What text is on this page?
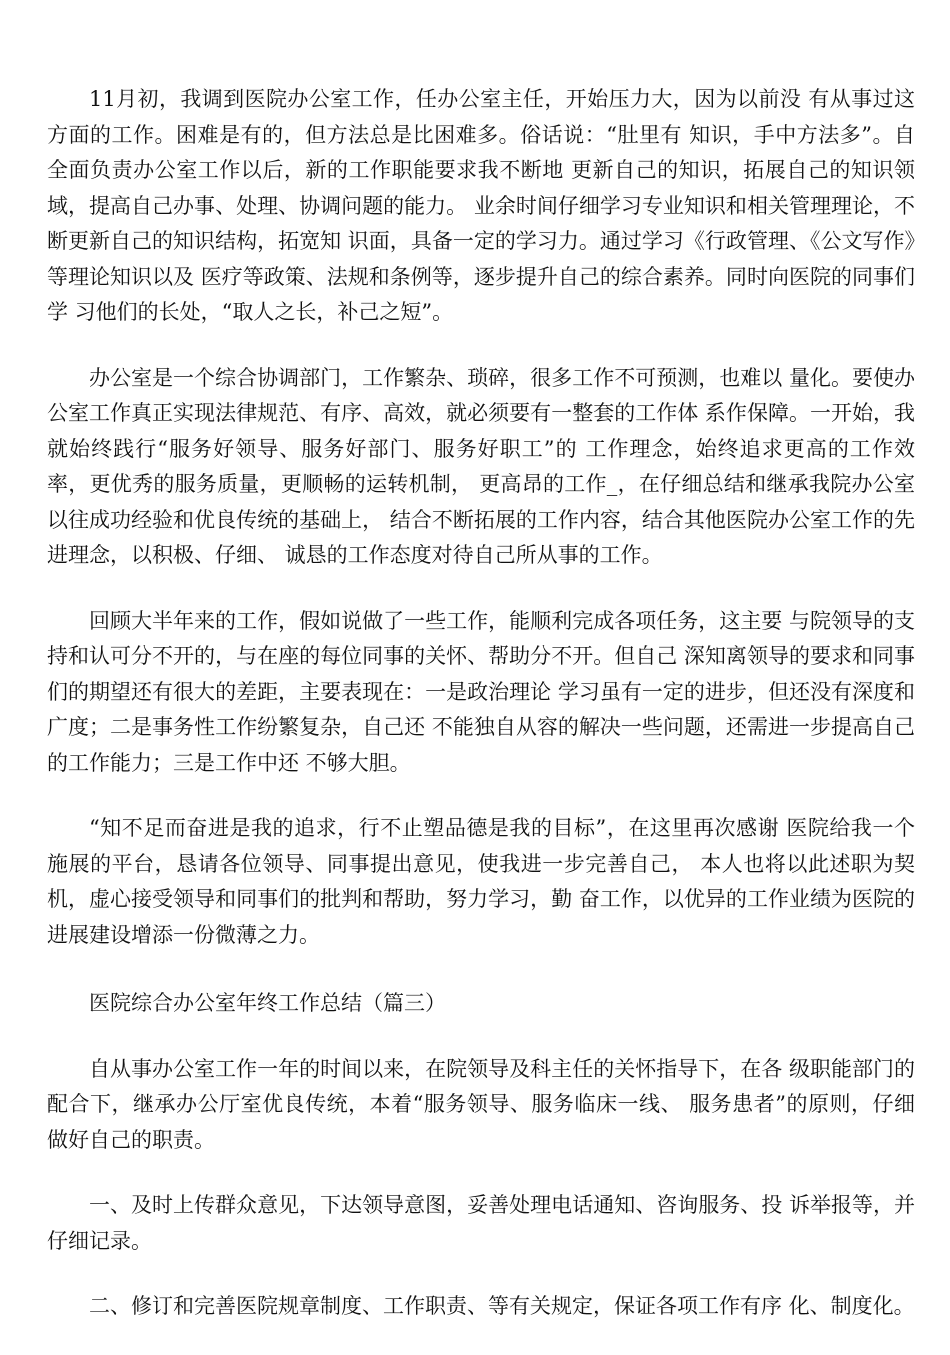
11月初，我调到医院办公室工作，任办公室主任，开始压力大，因为以前没 有从事过这方面的工作。困难是有的，但方法总是比困难多。俗话说：“肚里有 知识，手中方法多”。自全面负责办公室工作以后，新的工作职能要求我不断地 更新自己的知识，拓展自己的知识领域，提高自己办事、处理、协调问题的能力。 业余时间仔细学习专业知识和相关管理理论，不断更新自己的知识结构，拓宽知 识面，具备一定的学习力。通过学习《行政管理、《公文写作》等理论知识以及 医疗等政策、法规和条例等，逐步提升自己的综合素养。同时向医院的同事们学 习他们的长处，“取人之长，补己之短”。

办公室是一个综合协调部门，工作繁杂、琐碎，很多工作不可预测，也难以 量化。要使办公室工作真正实现法律规范、有序、高效，就必须要有一整套的工作体 系作保障。一开始，我就始终践行“服务好领导、服务好部门、服务好职工”的 工作理念，始终追求更高的工作效率，更优秀的服务质量，更顺畅的运转机制， 更高昂的工作_，在仔细总结和继承我院办公室以往成功经验和优良传统的基础上， 结合不断拓展的工作内容，结合其他医院办公室工作的先进理念，以积极、仔细、 诚恳的工作态度对待自己所从事的工作。

回顾大半年来的工作，假如说做了一些工作，能顺利完成各项任务，这主要 与院领导的支持和认可分不开的，与在座的每位同事的关怀、帮助分不开。但自己 深知离领导的要求和同事们的期望还有很大的差距，主要表现在：一是政治理论 学习虽有一定的进步，但还没有深度和广度；二是事务性工作纷繁复杂，自己还 不能独自从容的解决一些问题，还需进一步提高自己的工作能力；三是工作中还 不够大胆。

“知不足而奋进是我的追求，行不止塑品德是我的目标”，在这里再次感谢 医院给我一个施展的平台，恳请各位领导、同事提出意见，使我进一步完善自己， 本人也将以此述职为契机，虚心接受领导和同事们的批判和帮助，努力学习，勤 奋工作，以优异的工作业绩为医院的进展建设增添一份微薄之力。

医院综合办公室年终工作总结（篇三）

自从事办公室工作一年的时间以来，在院领导及科主任的关怀指导下，在各 级职能部门的配合下，继承办公厅室优良传统，本着“服务领导、服务临床一线、 服务患者”的原则，仔细做好自己的职责。

一、及时上传群众意见，下达领导意图，妥善处理电话通知、咨询服务、投 诉举报等，并仔细记录。

二、修订和完善医院规章制度、工作职责、等有关规定，保证各项工作有序 化、制度化。
